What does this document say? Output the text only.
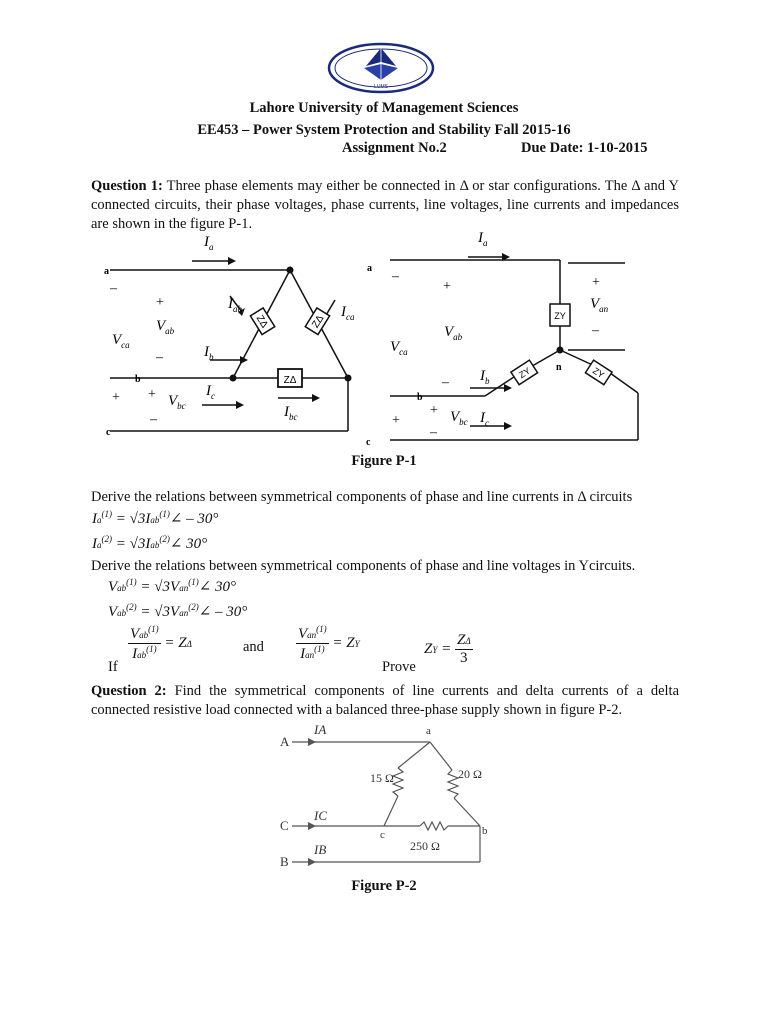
LUMS
Lahore University of Management Sciences
EE453 – Power System Protection and Stability Fall 2015-16
Assignment No.2	Due Date: 1-10-2015
Question 1: Three phase elements may either be connected in Δ or star configurations. The Δ and Y connected circuits, their phase voltages, phase currents, line voltages, line currents and impedances are shown in the figure P-1.
ZΔ	ZΔ
ZΔ
ZY
ZY	ZY
a
b
c
a
b
c
n
$I_a$
$I_{ab}$	$I_{ca}$
$I_b$
$I_c$
$I_{bc}$
$V_{ab}$
$V_{ca}$
$V_{bc}$
$I_a$
$V_{an}$
$V_{ab}$
$V_{ca}$
$I_b$
$V_{bc}$ $I_c$
–
+
–
+ +
–
–
+	+
–
–
+
+
–
Figure P-1
Derive the relations between symmetrical components of phase and line currents in Δ circuits
$Ia^{(1)}$ = √3Iab$^{(1)}$∠ – 30°
$Ia^{(2)}$ = √3Iab$^{(2)}$∠ 30°
Derive the relations between symmetrical components of phase and line voltages in Ycircuits.
Vab$^{(1)}$ = √3Van$^{(1)}$∠ 30°
Vab$^{(2)}$ = √3Van$^{(2)}$∠ – 30°
If
$\frac{Vab^{(1)}}{Iab^{(1)}} = Z\Delta$	and $\frac{Van^{(1)}}{Ian^{(1)}}$ = ZY
Prove
ZY = $\frac{Z\Delta}{3}$
Question 2: Find the symmetrical components of line currents and delta currents of a delta connected resistive load connected with a balanced three-phase supply shown in figure P-2.
A
C
B
IA
IC
IB
a
c	b
15 Ω	20 Ω
250 Ω
Figure P-2
